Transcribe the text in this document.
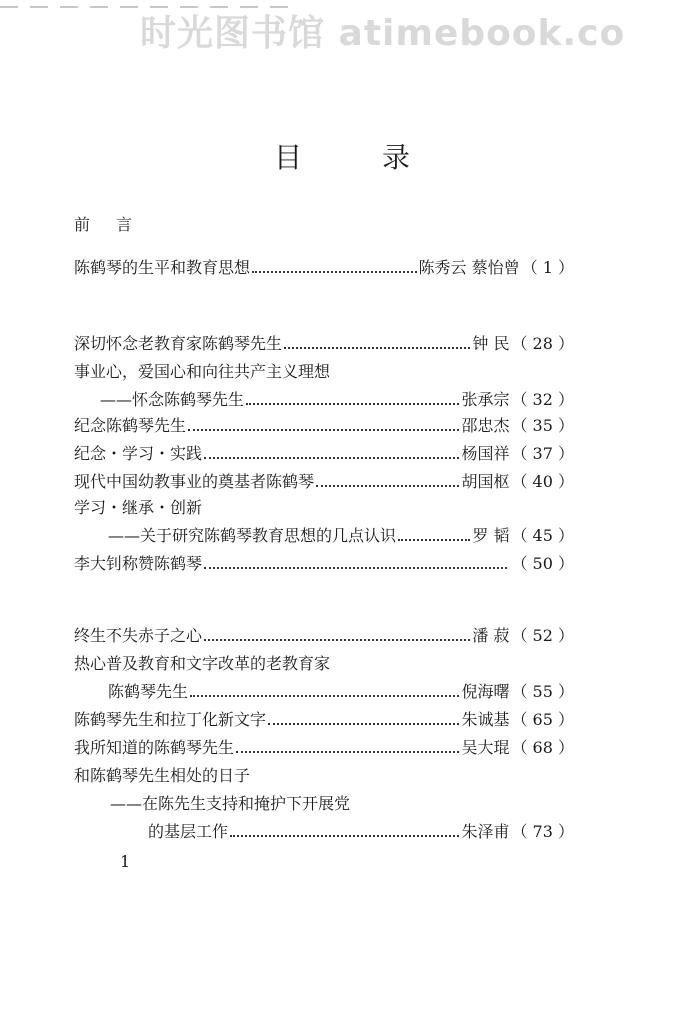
时光图书馆 atimebook.co
目录
前言
陈鹤琴的生平和教育思想	陈秀云 蔡怡曾 （ 1 ）
深切怀念老教育家陈鹤琴先生	钟 民 （ 28 ）
事业心，爱国心和向往共产主义理想
——怀念陈鹤琴先生	张承宗 （ 32 ）
纪念陈鹤琴先生	邵忠杰 （ 35 ）
纪念・学习・实践	杨国祥 （ 37 ）
现代中国幼教事业的奠基者陈鹤琴	胡国枢 （ 40 ）
学习・继承・创新
——关于研究陈鹤琴教育思想的几点认识	罗 韬 （ 45 ）
李大钊称赞陈鹤琴	（ 50 ）
终生不失赤子之心	潘 菽 （ 52 ）
热心普及教育和文字改革的老教育家
陈鹤琴先生	倪海曙 （ 55 ）
陈鹤琴先生和拉丁化新文字	朱诚基 （ 65 ）
我所知道的陈鹤琴先生	吴大琨 （ 68 ）
和陈鹤琴先生相处的日子
——在陈先生支持和掩护下开展党
的基层工作	朱泽甫 （ 73 ）
1
